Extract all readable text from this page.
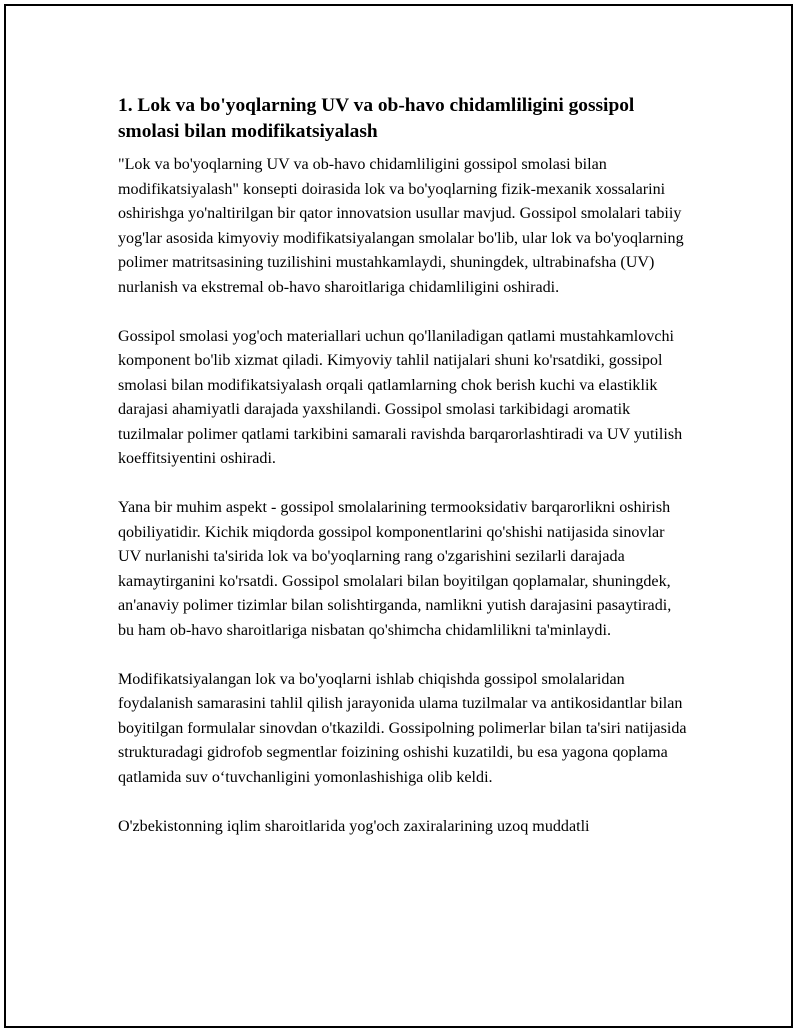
1. Lok va bo'yoqlarning UV va ob-havo chidamliligini gossipol smolasi bilan modifikatsiyalash

"Lok va bo'yoqlarning UV va ob-havo chidamliligini gossipol smolasi bilan modifikatsiyalash" konsepti doirasida lok va bo'yoqlarning fizik-mexanik xossalarini oshirishga yo'naltirilgan bir qator innovatsion usullar mavjud. Gossipol smolalari tabiiy yog'lar asosida kimyoviy modifikatsiyalangan smolalar bo'lib, ular lok va bo'yoqlarning polimer matritsasining tuzilishini mustahkamlaydi, shuningdek, ultrabinafsha (UV) nurlanish va ekstremal ob-havo sharoitlariga chidamliligini oshiradi.

Gossipol smolasi yog'och materiallari uchun qo'llaniladigan qatlami mustahkamlovchi komponent bo'lib xizmat qiladi. Kimyoviy tahlil natijalari shuni ko'rsatdiki, gossipol smolasi bilan modifikatsiyalash orqali qatlamlarning chok berish kuchi va elastiklik darajasi ahamiyatli darajada yaxshilandi. Gossipol smolasi tarkibidagi aromatik tuzilmalar polimer qatlami tarkibini samarali ravishda barqarorlashtiradi va UV yutilish koeffitsiyentini oshiradi.

Yana bir muhim aspekt - gossipol smolalarining termooksidativ barqarorlikni oshirish qobiliyatidir. Kichik miqdorda gossipol komponentlarini qo'shishi natijasida sinovlar UV nurlanishi ta'sirida lok va bo'yoqlarning rang o'zgarishini sezilarli darajada kamaytirganini ko'rsatdi. Gossipol smolalari bilan boyitilgan qoplamalar, shuningdek, an'anaviy polimer tizimlar bilan solishtirganda, namlikni yutish darajasini pasaytiradi, bu ham ob-havo sharoitlariga nisbatan qo'shimcha chidamlilikni ta'minlaydi.

Modifikatsiyalangan lok va bo'yoqlarni ishlab chiqishda gossipol smolalaridan foydalanish samarasini tahlil qilish jarayonida ulama tuzilmalar va antikosidantlar bilan boyitilgan formulalar sinovdan o'tkazildi. Gossipolning polimerlar bilan ta'siri natijasida strukturadagi gidrofob segmentlar foizining oshishi kuzatildi, bu esa yagona qoplama qatlamida suv o‘tuvchanligini yomonlashishiga olib keldi.

O'zbekistonning iqlim sharoitlarida yog'och zaxiralarining uzoq muddatli
